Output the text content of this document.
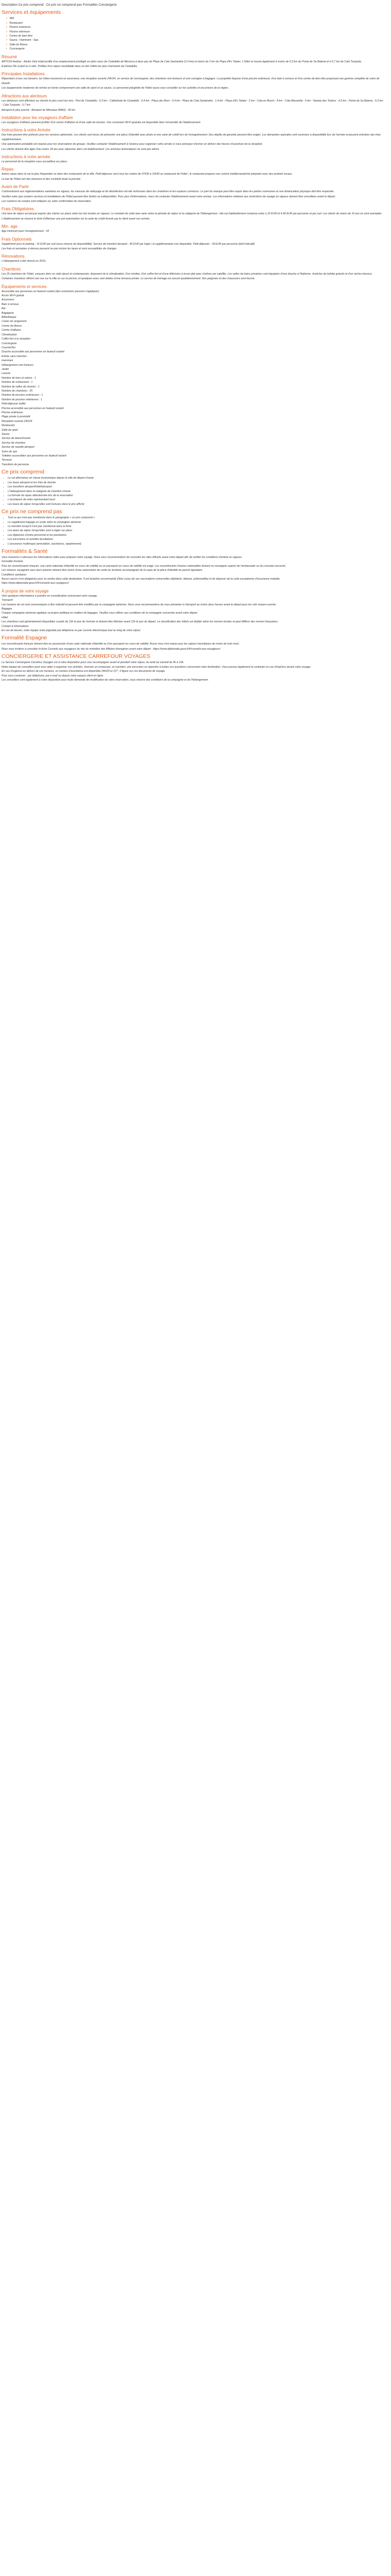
Description Ce prix comprend : Ce prix ne comprend pas Formalités Conciergerie
Services et équipements
✓ Wifi
✓ Restaurant
✓ Piscine extérieure
✓ Piscine intérieure
✓ Centre de bien-être
✓ Sauna - Hammam - Spa
✓ Salle de fitness
✓ Conciergerie
Résumé

ARTICHI Audrey - Adults Only Hotel profite d'un emplacement privilégié en plein cœur de Ciutadella de Menorca à deux pas de Playa de Cala Santandria (1,4 km) et moins de 2 km de Playa d'Es Talaier. L'hôtel se trouve également à moins de 5,3 km de Punta de Sa Bateria et à 5,7 km de Cala Turqueta.

Explorez l'île à pied ou à vélo. Profitez d'un séjour inoubliable dans un des hôtels les plus charmants de Ciutadella.

Principales Installations

Répondant à tous vos besoins, les hôtes trouveront un ascenseur, une réception ouverte 24h/24, un service de conciergerie, des chambres non-fumeurs et une consigne à bagages. La propriété dispose d'une piscine extérieure, d'un bain à remous et d'un centre de bien-être proposant une gamme complète de soins de beauté.

Les équipements modernes de remise en forme comprennent une salle de sport et un sauna. Le personnel polyglotte de l'hôtel saura vous conseiller sur les activités et excursions de la région.

Attractions aux alentours

Les distances sont affichées au chemin le plus court (en km) - Port de Ciutadella : 0,3 km - Cathédrale de Ciutadella : 0,4 km - Plaça des Born : 0,4 km - Playa de Cala Santandria : 1,4 km - Playa d'Es Talaier : 2 km - Cala en Bosch : 8 km - Cala Macarella : 9 km - Naveta des Tudons : 4,5 km - Punta de Sa Bateria : 5,3 km - Cala Turqueta : 5,7 km.

Aéroport le plus proche : Aéroport de Minorque (MAH) : 46 km

Installation pour les voyageurs d'affaire

Les voyageurs d'affaires peuvent profiter d'un centre d'affaires et d'une salle de réunion. Une connexion Wi-Fi gratuite est disponible dans l'ensemble de l'établissement.

Instructions à votre Arrivée

Des frais peuvent être prélevés pour les services optionnels. Les clients sont tenus de présenter une pièce d'identité avec photo et une carte de crédit lors de l'enregistrement. Des dépôts de garantie peuvent être exigés. Les demandes spéciales sont soumises à disponibilité lors de l'arrivée et peuvent entraîner des frais supplémentaires.

Une autorisation préalable est requise pour les réservations de groupe. Veuillez contacter l'établissement à l'avance pour organiser votre arrivée si vous prévoyez d'arriver en dehors des heures d'ouverture de la réception.

Les clients doivent être âgés d'au moins 18 ans pour séjourner dans cet établissement. Les animaux domestiques ne sont pas admis.

Instructions à votre arrivée

Le personnel de la réception vous accueillera sur place.

Repas

Autres repas dans la rue la plus fréquentée ou dans des restaurants de la ville. Petit-déjeuner servi tous les matins de 07h30 à 10h30 au restaurant de l'hôtel ; le restaurant propose une cuisine méditerranéenne préparée avec des produits locaux.

Le bar de l'hôtel sert des boissons et des cocktails toute la journée.

Avant de Partir

Conformément aux réglementations sanitaires en vigueur, les mesures de nettoyage et de désinfection ont été renforcées dans les chambres et les espaces communs. Le port du masque peut être requis dans les parties communes et une distanciation physique doit être respectée.

Veuillez noter que certains services et installations de l'hôtel peuvent être limités ou indisponibles. Pour plus d'informations, merci de contacter l'établissement avant votre arrivée. Les informations relatives aux restrictions de voyage en vigueur doivent être consultées avant le départ.

Les numéros de contact sont indiqués sur votre confirmation de réservation.

Frais Obligatoires

Une taxe de séjour est perçue auprès des clients sur place selon les lois locales en vigueur. Le montant de cette taxe varie selon la période de séjour et la catégorie de l'hébergement ; elle est habituellement comprise entre 1,10 EUR et 4,40 EUR par personne et par nuit. Les clients de moins de 16 ans en sont exemptés.

L'établissement se réserve le droit d'effectuer une pré-autorisation sur la carte de crédit fournie par le client avant son arrivée.

Min. age

Age minimum pour l'enregistrement : 18

Frais Optionnels

Supplément pour le parking : 15 EUR par nuit (sous réserve de disponibilité). Service de transfert aéroport : 45 EUR par trajet. Lit supplémentaire non disponible. Petit-déjeuner : 18 EUR par personne (tarif indicatif).

Les frais et acomptes ci-dessus peuvent ne pas inclure les taxes et sont susceptibles de changer.

Rénovations

L'hébergement a été rénové en 2019.

Chambres

Les 25 chambres de l'hôtel, conçues dans un style épuré et contemporain, disposent de la climatisation, d'un minibar, d'un coffre-fort et d'une télévision à écran plat avec chaînes par satellite. Les salles de bains privatives sont équipées d'une douche à l'italienne, d'articles de toilette gratuits et d'un sèche-cheveux.

Certaines chambres offrent une vue sur la ville ou sur la piscine, et quelques-unes sont dotées d'une terrasse privée. Le service de ménage est assuré quotidiennement. Des peignoirs et des chaussons sont fournis.

Équipements et services
Accessible aux personnes en fauteuil roulant (des restrictions peuvent s'appliquer)
Accès Wi-Fi gratuit
Ascenseur
Bain à remous
Bar
Bagagerie
Bibliothèque
Casier de rangement
Centre de fitness
Centre d'affaires
Climatisation
Coffre-fort à la réception
Conciergerie
Courrier/fax
Douche accessible aux personnes en fauteuil roulant
Entrée sans marches
Hammam
Hébergement non-fumeurs
Jardin
Laverie
Nombre de bars et salons : 1
Nombre de restaurants : 1
Nombre de salles de réunion : 1
Nombre de chambres : 25
Nombre de piscines extérieures : 1
Nombre de piscines intérieures : 1
Petit-déjeuner buffet
Piscine accessible aux personnes en fauteuil roulant
Piscine extérieure
Plage privée à proximité
Réception ouverte 24h/24
Restaurant
Salle de sport
Sauna
Service de blanchisserie
Service de chambre
Service de navette aéroport
Soins de spa
Toilettes accessibles aux personnes en fauteuil roulant
Terrasse
Transferts de personne
Ce prix comprend
• Le vol aller/retour en classe économique depuis la ville de départ choisie
• Les taxes aéroport et les frais de dossier
• Les transferts aéroport/hôtel/aéroport
• L'hébergement dans la catégorie de chambre choisie
• La formule de repas sélectionnée lors de la réservation
• L'assistance de notre représentant local
• Les taxes de séjour lorsqu'elles sont incluses dans le prix affiché
Ce prix ne comprend pas
• Tout ce qui n'est pas mentionné dans le paragraphe « ce prix comprend »
• Le supplément bagage en soute selon la compagnie aérienne
• Le transfert lorsqu'il n'est pas mentionné dans la fiche
• Les taxes de séjour lorsqu'elles sont à régler sur place
• Les dépenses d'ordre personnel et les pourboires
• Les excursions et activités facultatives
• L'assurance multirisque (annulation, assistance, rapatriement)
Formalités & Santé
Vous trouverez ci-dessous les informations utiles pour préparer votre voyage. Nous vous recommandons de consulter les sites officiels avant votre départ afin de vérifier les conditions d'entrée en vigueur.
Formalité d'entrée
Pour les ressortissants français, une carte nationale d'identité en cours de validité ou un passeport en cours de validité est exigé. Les ressortissants d'autres nationalités doivent se renseigner auprès de l'ambassade ou du consulat concerné.
Les mineurs voyageant sans leurs parents doivent être munis d'une autorisation de sortie du territoire accompagnée de la copie de la pièce d'identité du parent signataire.
Conditions sanitaires
Aucun vaccin n'est obligatoire pour se rendre dans cette destination. Il est toutefois recommandé d'être à jour de ses vaccinations universelles (diphtérie, tétanos, poliomyélite) et de disposer de la carte européenne d'assurance maladie.
https://www.diplomatie.gouv.fr/fr/conseils-aux-voyageurs/
À propos de votre voyage
Voici quelques informations à prendre en considération concernant votre voyage.
Transport
Les horaires de vol sont communiqués à titre indicatif et peuvent être modifiés par la compagnie aérienne. Nous vous recommandons de vous présenter à l'aéroport au moins deux heures avant le départ pour les vols moyen-courrier.
Bagages
Chaque compagnie aérienne applique sa propre politique en matière de bagages. Veuillez vous référer aux conditions de la compagnie concernée avant votre départ.
Hôtel
Les chambres sont généralement disponibles à partir de 15h le jour de l'arrivée et doivent être libérées avant 12h le jour du départ. La classification des hôtels est établie selon les normes locales et peut différer des normes françaises.
Contact & informations
En cas de besoin, notre équipe reste joignable par téléphone ou par courrier électronique tout au long de votre séjour.
Formalité Espagne

Les ressortissants français doivent être en possession d'une carte nationale d'identité ou d'un passeport en cours de validité. Aucun visa n'est requis pour les séjours touristiques de moins de trois mois.

Nous vous invitons à consulter la fiche Conseils aux voyageurs du site du ministère des Affaires étrangères avant votre départ : https://www.diplomatie.gouv.fr/fr/conseils-aux-voyageurs/

CONCIERGERIE ET ASSISTANCE CARREFOUR VOYAGES
Le Service Conciergerie Carrefour Voyages est à votre disposition pour vous accompagner avant et pendant votre séjour, du lundi au samedi de 9h à 19h.
Notre équipe de conseillers peut vous aider à organiser vos activités, réserver un restaurant, un transfert, une excursion ou répondre à toutes vos questions concernant votre destination. Vous pouvez également la contacter en cas d'imprévu durant votre voyage.
En cas d'urgence en dehors de ces horaires, un numéro d'assistance est disponible 24h/24 et 7j/7 ; il figure sur vos documents de voyage.
Pour nous contacter : par téléphone, par e-mail ou depuis votre espace client en ligne.
Les conseillers sont également à votre disposition pour toute demande de modification de votre réservation, sous réserve des conditions de la compagnie et de l'hébergement.
